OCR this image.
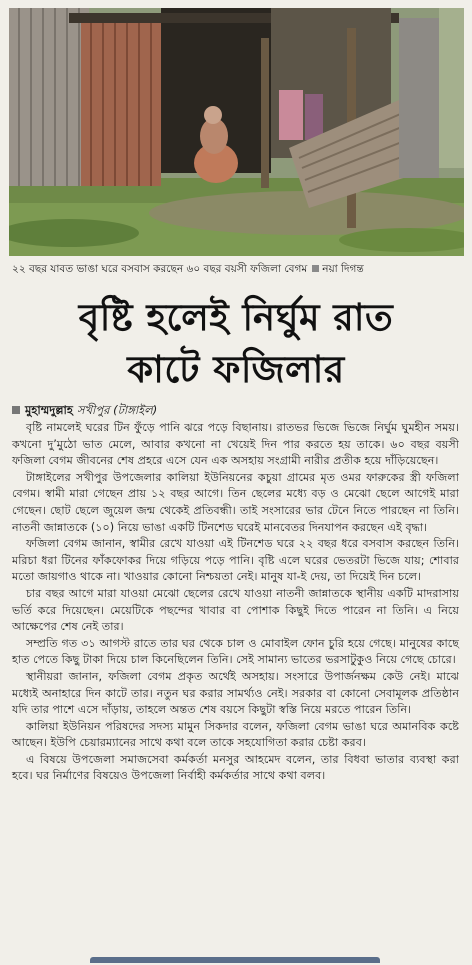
২২ বছর যাবত ভাঙা ঘরে বসবাস করছেন ৬০ বছর বয়সী ফজিলা বেগম নয়া দিগন্ত
বৃষ্টি হলেই নির্ঘুম রাত
কাটে ফজিলার
মুহাম্মদুল্লাহ সখীপুর (টাঙ্গাইল)

বৃষ্টি নামলেই ঘরের টিন ফুঁড়ে পানি ঝরে পড়ে বিছানায়। রাতভর ভিজে ভিজে নির্ঘুম ঘুমহীন সময়। কখনো দু’মুঠো ভাত মেলে, আবার কখনো না খেয়েই দিন পার করতে হয় তাকে। ৬০ বছর বয়সী ফজিলা বেগম জীবনের শেষ প্রহরে এসে যেন এক অসহায় সংগ্রামী নারীর প্রতীক হয়ে দাঁড়িয়েছেন।

টাঙ্গাইলের সখীপুর উপজেলার কালিয়া ইউনিয়নের কচুয়া গ্রামের মৃত ওমর ফারুকের স্ত্রী ফজিলা বেগম। স্বামী মারা গেছেন প্রায় ১২ বছর আগে। তিন ছেলের মধ্যে বড় ও মেঝো ছেলে আগেই মারা গেছেন। ছোট ছেলে জুয়েল জন্ম থেকেই প্রতিবন্ধী। তাই সংসারের ভার টেনে নিতে পারছেন না তিনি। নাতনী জান্নাতকে (১০) নিয়ে ভাঙা একটি টিনশেড ঘরেই মানবেতর দিনযাপন করছেন এই বৃদ্ধা।

ফজিলা বেগম জানান, স্বামীর রেখে যাওয়া এই টিনশেড ঘরে ২২ বছর ধরে বসবাস করছেন তিনি। মরিচা ধরা টিনের ফাঁকফোকর দিয়ে গড়িয়ে পড়ে পানি। বৃষ্টি এলে ঘরের ভেতরটা ভিজে যায়; শোবার মতো জায়গাও থাকে না। খাওয়ার কোনো নিশ্চয়তা নেই। মানুষ যা-ই দেয়, তা দিয়েই দিন চলে।

চার বছর আগে মারা যাওয়া মেঝো ছেলের রেখে যাওয়া নাতনী জান্নাতকে স্থানীয় একটি মাদরাসায় ভর্তি করে দিয়েছেন। মেয়েটিকে পছন্দের খাবার বা পোশাক কিছুই দিতে পারেন না তিনি। এ নিয়ে আক্ষেপের শেষ নেই তার।

সম্প্রতি গত ৩১ আগস্ট রাতে তার ঘর থেকে চাল ও মোবাইল ফোন চুরি হয়ে গেছে। মানুষের কাছে হাত পেতে কিছু টাকা দিয়ে চাল কিনেছিলেন তিনি। সেই সামান্য ভাতের ভরসাটুকুও নিয়ে গেছে চোরে।

স্থানীয়রা জানান, ফজিলা বেগম প্রকৃত অর্থেই অসহায়। সংসারে উপার্জনক্ষম কেউ নেই। মাঝে মধ্যেই অনাহারে দিন কাটে তার। নতুন ঘর করার সামর্থ্যও নেই। সরকার বা কোনো সেবামূলক প্রতিষ্ঠান যদি তার পাশে এসে দাঁড়ায়, তাহলে অন্তত শেষ বয়সে কিছুটা স্বস্তি নিয়ে মরতে পারেন তিনি।

কালিয়া ইউনিয়ন পরিষদের সদস্য মামুন সিকদার বলেন, ফজিলা বেগম ভাঙা ঘরে অমানবিক কষ্টে আছেন। ইউপি চেয়ারম্যানের সাথে কথা বলে তাকে সহযোগিতা করার চেষ্টা করব।

এ বিষয়ে উপজেলা সমাজসেবা কর্মকর্তা মনসুর আহমেদ বলেন, তার বিধবা ভাতার ব্যবস্থা করা হবে। ঘর নির্মাণের বিষয়েও উপজেলা নির্বাহী কর্মকর্তার সাথে কথা বলব।
